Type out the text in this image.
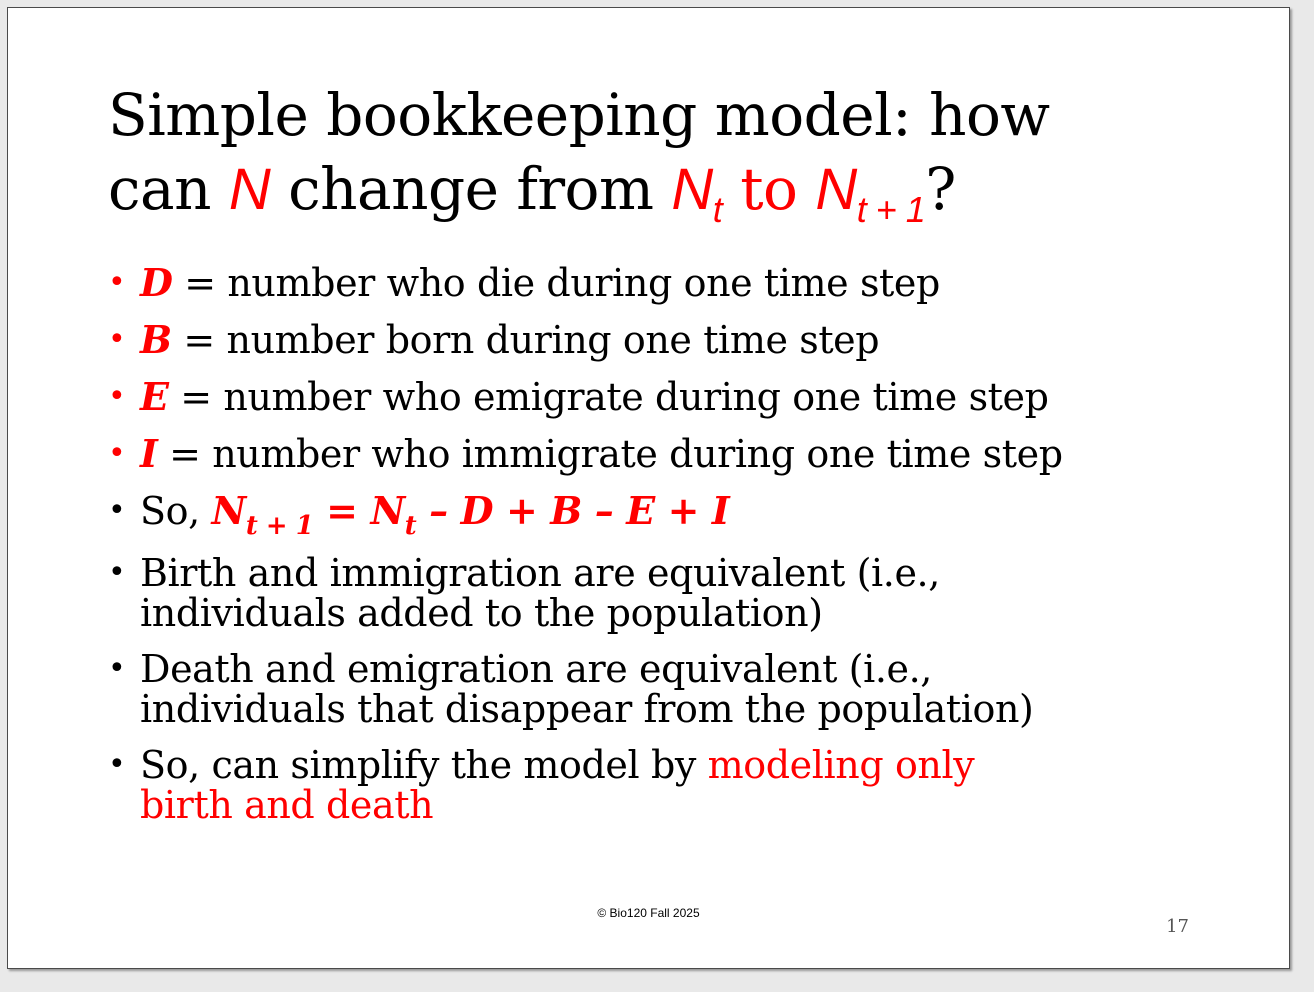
Simple bookkeeping model: how
can N change from $N_t$ to $N_{t + 1}$?
• D = number who die during one time step
• B = number born during one time step
• E = number who emigrate during one time step
• I = number who immigrate during one time step
• So, $N_{t + 1} = N_t - D + B - E + I$
• Birth and immigration are equivalent (i.e.,
individuals added to the population)
• Death and emigration are equivalent (i.e.,
individuals that disappear from the population)
• So, can simplify the model by modeling only
birth and death
© Bio120 Fall 2025
17
